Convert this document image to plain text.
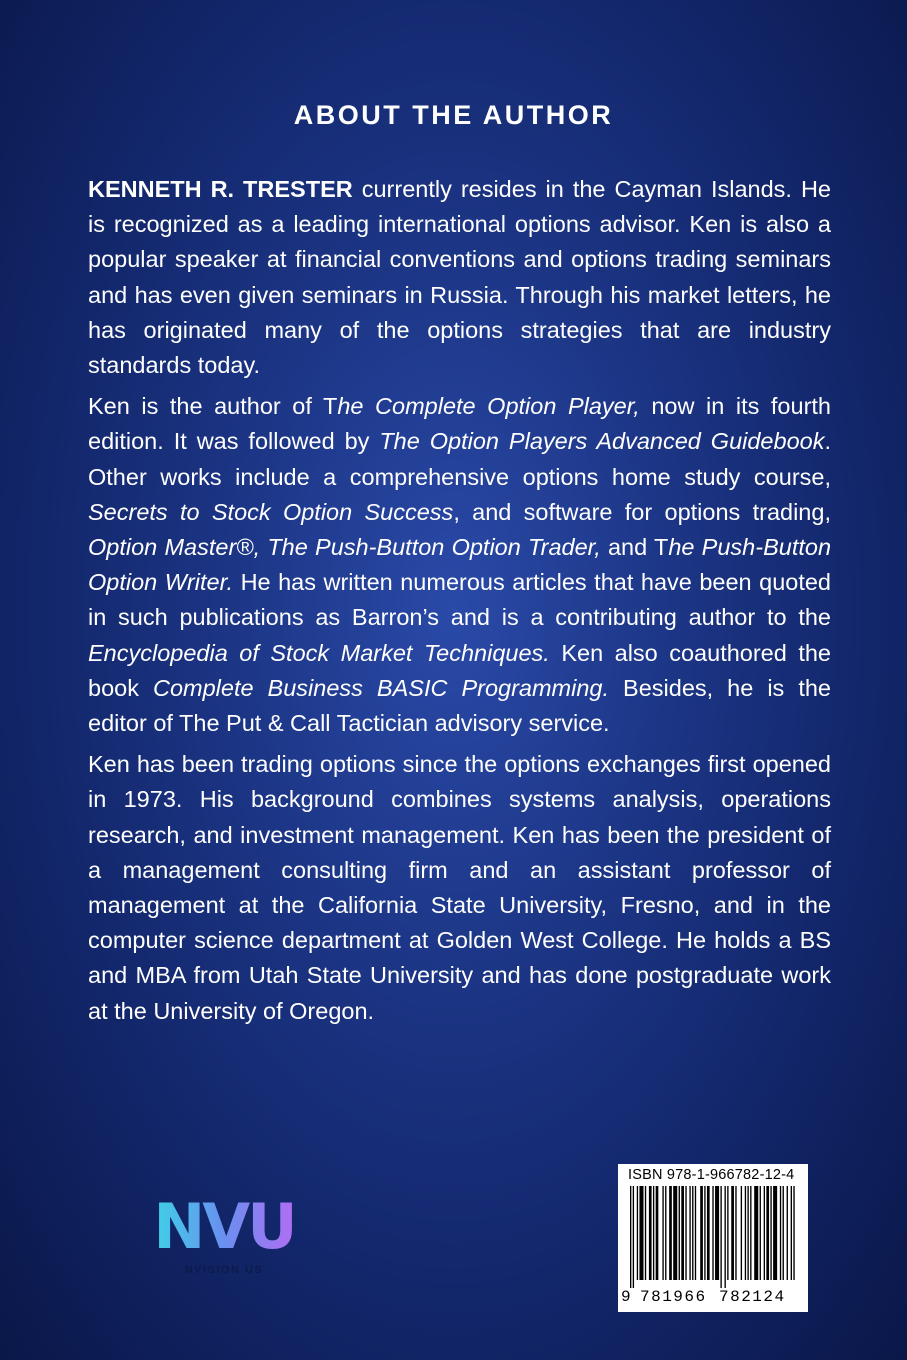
ABOUT THE AUTHOR

KENNETH R. TRESTER currently resides in the Cayman Islands. He is recognized as a leading international options advisor. Ken is also a popular speaker at financial conventions and options trading seminars and has even given seminars in Russia. Through his market letters, he has originated many of the options strategies that are industry standards today.

Ken is the author of The Complete Option Player, now in its fourth edition. It was followed by The Option Players Advanced Guidebook. Other works include a comprehensive options home study course, Secrets to Stock Option Success, and software for options trading, Option Master®, The Push-Button Option Trader, and The Push-Button Option Writer. He has written numerous articles that have been quoted in such publications as Barron’s and is a contributing author to the Encyclopedia of Stock Market Techniques. Ken also coauthored the book Complete Business BASIC Programming. Besides, he is the editor of The Put & Call Tactician advisory service.

Ken has been trading options since the options exchanges first opened in 1973. His background combines systems analysis, operations research, and investment management. Ken has been the president of a management consulting firm and an assistant professor of management at the California State University, Fresno, and in the computer science department at Golden West College. He holds a BS and MBA from Utah State University and has done postgraduate work at the University of Oregon.

NVU
NVISION US
ISBN 978-1-966782-12-4
9 781966 782124
